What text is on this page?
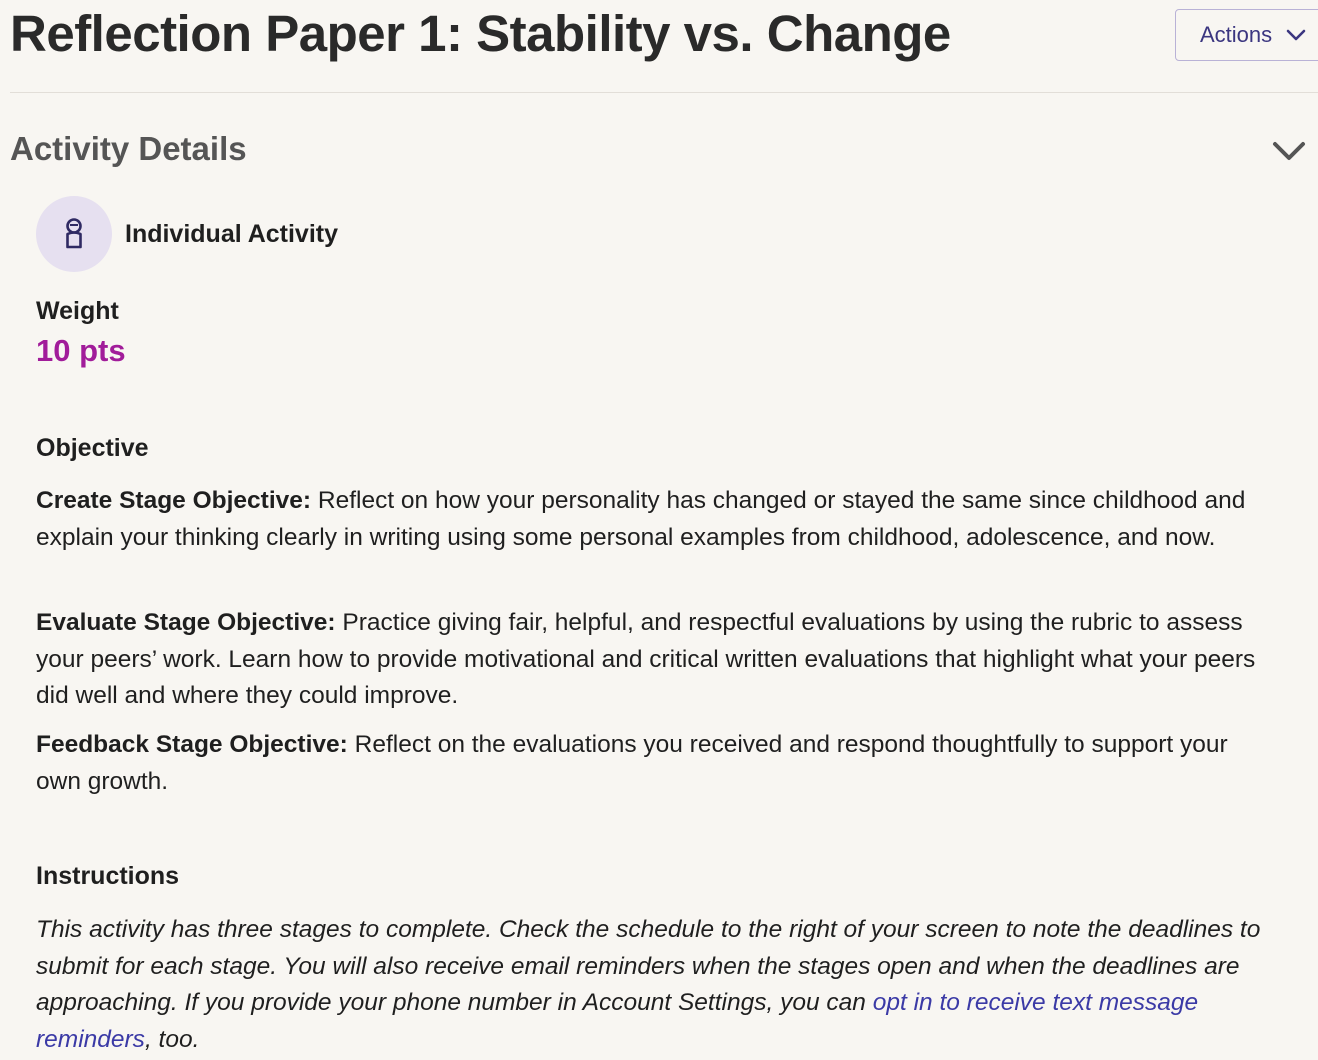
Reflection Paper 1: Stability vs. Change	Actions
Activity Details
Individual Activity
Weight
10 pts
Objective

Create Stage Objective: Reflect on how your personality has changed or stayed the same since childhood and explain your thinking clearly in writing using some personal examples from childhood, adolescence, and now.

Evaluate Stage Objective: Practice giving fair, helpful, and respectful evaluations by using the rubric to assess your peers’ work. Learn how to provide motivational and critical written evaluations that highlight what your peers did well and where they could improve.

Feedback Stage Objective: Reflect on the evaluations you received and respond thoughtfully to support your own growth.

Instructions

This activity has three stages to complete. Check the schedule to the right of your screen to note the deadlines to submit for each stage. You will also receive email reminders when the stages open and when the deadlines are approaching. If you provide your phone number in Account Settings, you can opt in to receive text message reminders, too.
